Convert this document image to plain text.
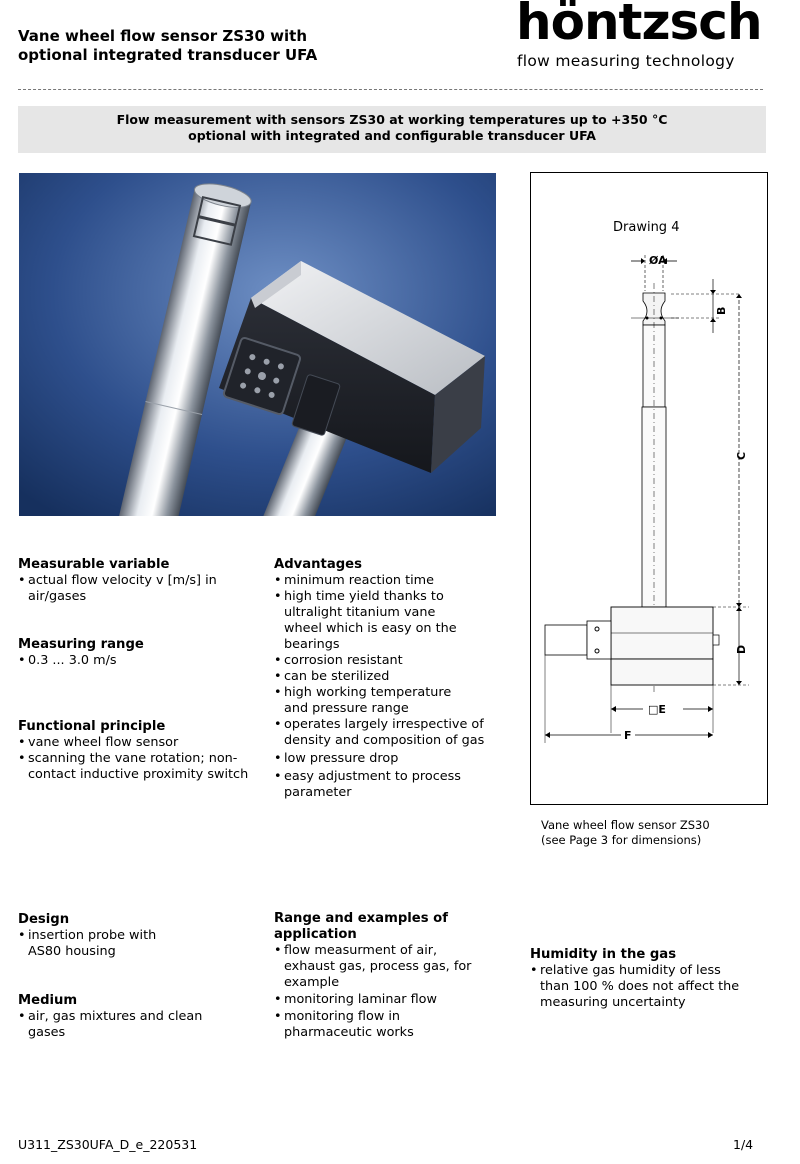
Vane wheel flow sensor ZS30 with
optional integrated transducer UFA
höntzsch
flow measuring technology
Flow measurement with sensors ZS30 at working temperatures up to +350 °C
optional with integrated and configurable transducer UFA
Drawing 4
ØA
B
C
D
□E
F
Vane wheel flow sensor ZS30
(see Page 3 for dimensions)
Measurable variable
• actual flow velocity v [m/s] in air/gases
Measuring range
• 0.3 ... 3.0 m/s
Functional principle
• vane wheel flow sensor
• scanning the vane rotation; non-contact inductive proximity switch
Design
• insertion probe with AS80 housing
Medium
• air, gas mixtures and clean gases
Advantages
• minimum reaction time
• high time yield thanks to ultralight titanium vane wheel which is easy on the bearings
• corrosion resistant
• can be sterilized
• high working temperature and pressure range
• operates largely irrespective of density and composition of gas
• low pressure drop
• easy adjustment to process parameter
Range and examples of
application
• flow measurment of air, exhaust gas, process gas, for example
• monitoring laminar flow
• monitoring flow in pharmaceutic works
Humidity in the gas
• relative gas humidity of less than 100 % does not affect the measuring uncertainty
U311_ZS30UFA_D_e_220531	1/4
